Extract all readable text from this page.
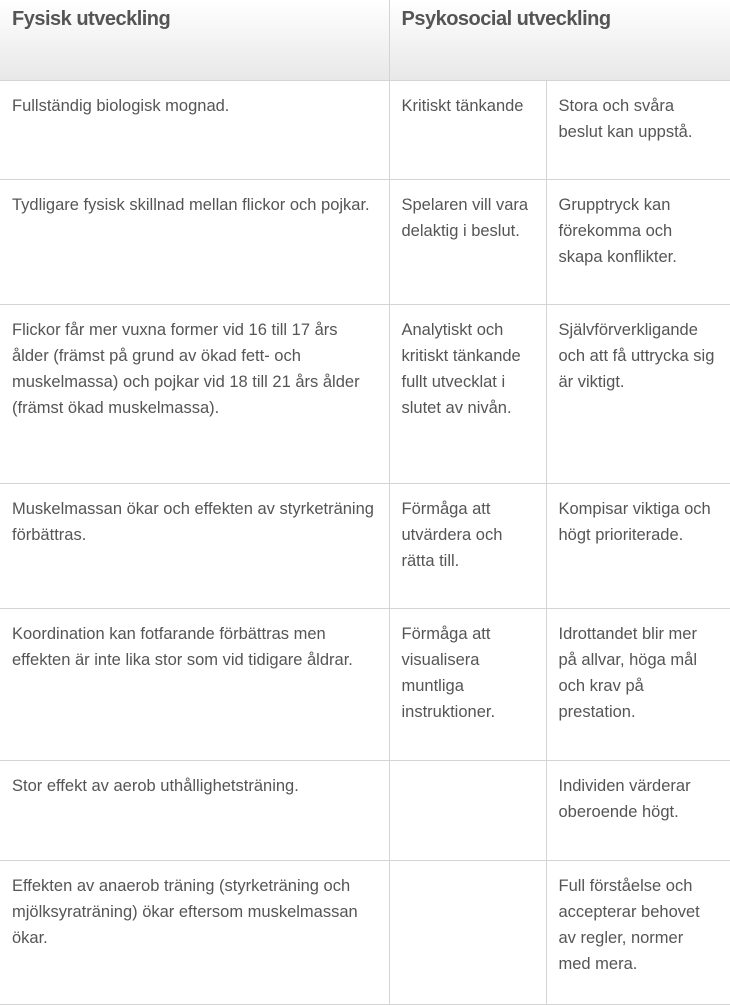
Fysisk utveckling	Psykosocial utveckling	
Fullständig biologisk mognad.	Kritiskt tänkande	Stora och svåra beslut kan uppstå.
Tydligare fysisk skillnad mellan flickor och pojkar.	Spelaren vill vara delaktig i beslut.	Grupptryck kan förekomma och skapa konflikter.
Flickor får mer vuxna former vid 16 till 17 års ålder (främst på grund av ökad fett- och muskelmassa) och pojkar vid 18 till 21 års ålder (främst ökad muskelmassa).	Analytiskt och kritiskt tänkande fullt utvecklat i slutet av nivån.	Självförverkligande och att få uttrycka sig är viktigt.
Muskelmassan ökar och effekten av styrketräning förbättras.	Förmåga att utvärdera och rätta till.	Kompisar viktiga och högt prioriterade.
Koordination kan fotfarande förbättras men effekten är inte lika stor som vid tidigare åldrar.	Förmåga att visualisera muntliga instruktioner.	Idrottandet blir mer på allvar, höga mål och krav på prestation.
Stor effekt av aerob uthållighetsträning.		Individen värderar oberoende högt.
Effekten av anaerob träning (styrketräning och mjölksyraträning) ökar eftersom muskelmassan ökar.		Full förståelse och accepterar behovet av regler, normer med mera.
